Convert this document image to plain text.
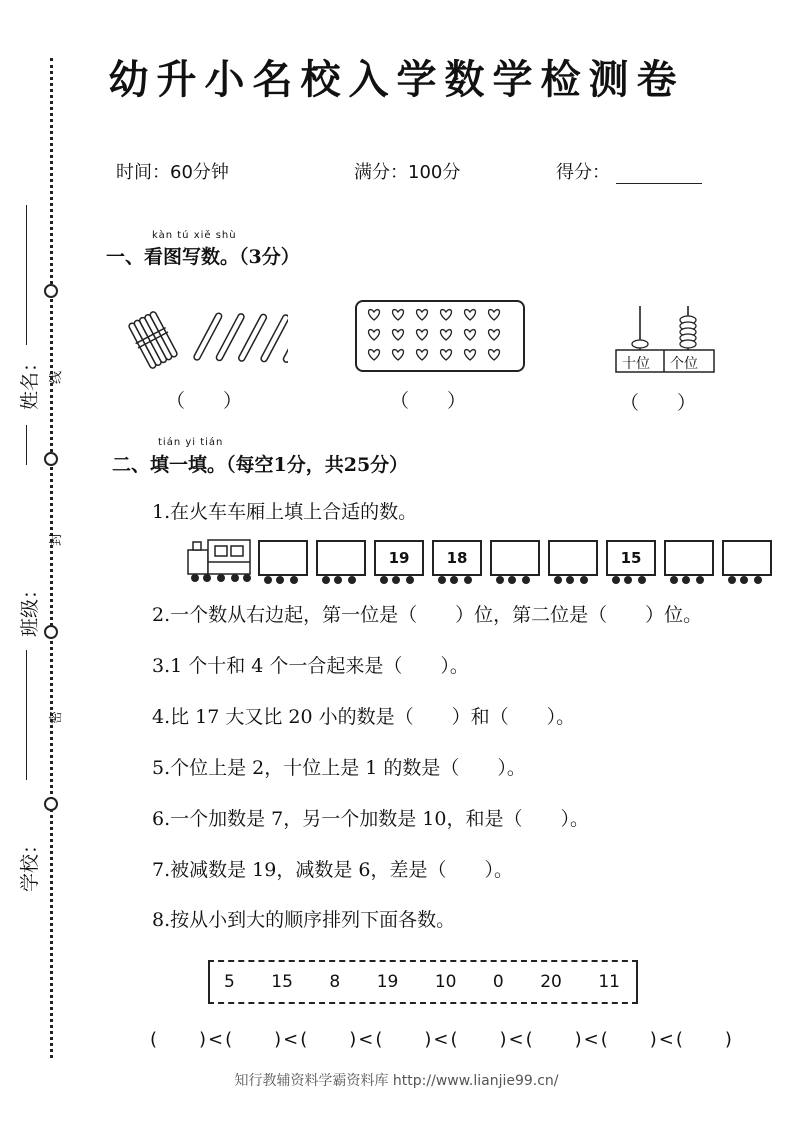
线
封
密
姓名：
班级：
学校：
幼升小名校入学数学检测卷
时间：60分钟	满分：100分	得分：
kàn tú xiě shù
一、看图写数。（3分）
十位 个位
（　　）	（　　）	（　　）
tián yi tián
二、填一填。（每空1分，共25分）
1.在火车车厢上填上合适的数。
19	18	15
2.一个数从右边起，第一位是（　　）位，第二位是（　　）位。
3.1 个十和 4 个一合起来是（　　）。
4.比 17 大又比 20 小的数是（　　）和（　　）。
5.个位上是 2，十位上是 1 的数是（　　）。
6.一个加数是 7，另一个加数是 10，和是（　　）。
7.被减数是 19，减数是 6，差是（　　）。
8.按从小到大的顺序排列下面各数。
5 15 8 19 10 0 20 11
(　　)<(　　)<(　　)<(　　)<(　　)<(　　)<(　　)<(　　)
知行教辅资料学霸资料库 http://www.lianjie99.cn/
